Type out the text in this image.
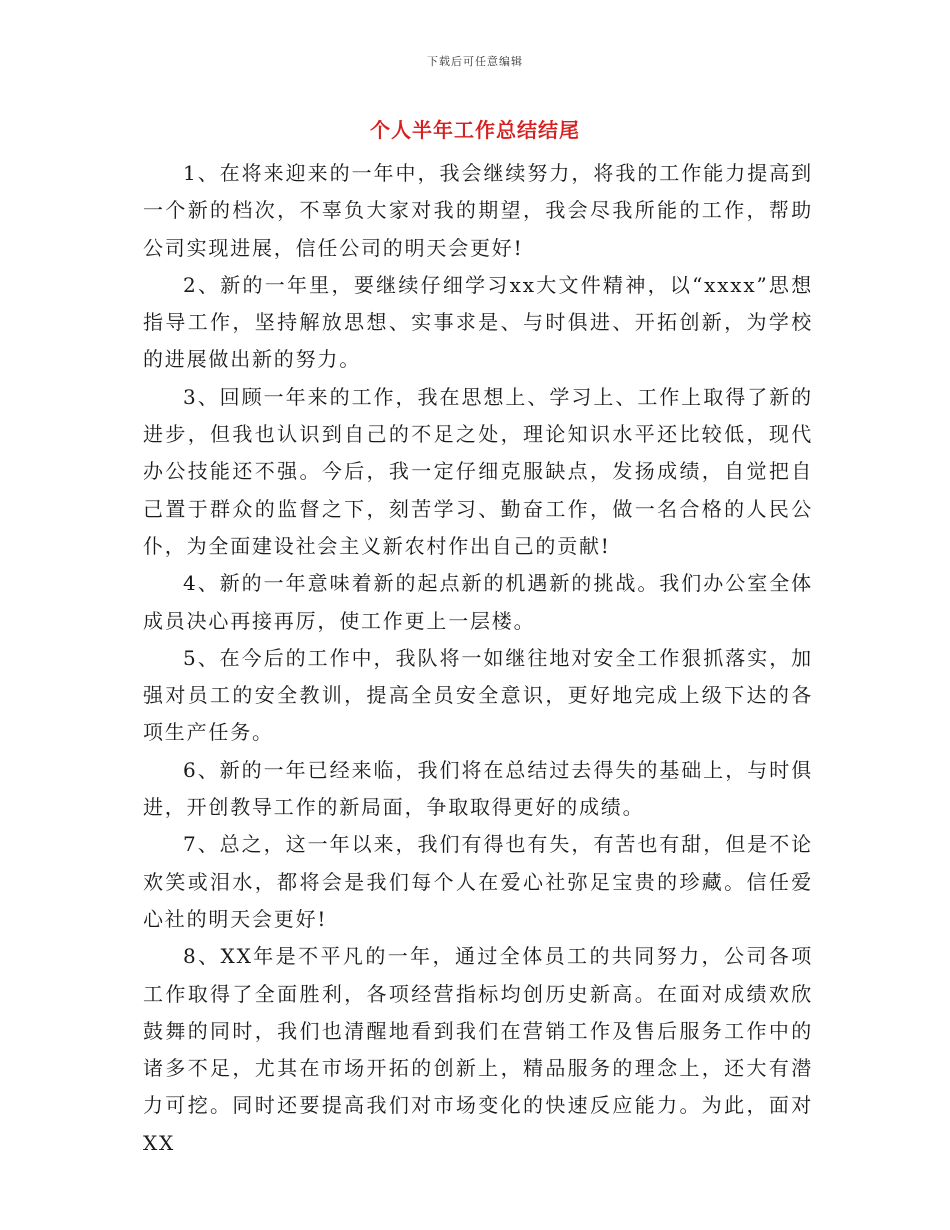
下载后可任意编辑
个人半年工作总结结尾

1、在将来迎来的一年中，我会继续努力，将我的工作能力提高到一个新的档次，不辜负大家对我的期望，我会尽我所能的工作，帮助公司实现进展，信任公司的明天会更好!

2、新的一年里，要继续仔细学习xx大文件精神，以“xxxx”思想指导工作，坚持解放思想、实事求是、与时俱进、开拓创新，为学校的进展做出新的努力。

3、回顾一年来的工作，我在思想上、学习上、工作上取得了新的进步，但我也认识到自己的不足之处，理论知识水平还比较低，现代办公技能还不强。今后，我一定仔细克服缺点，发扬成绩，自觉把自己置于群众的监督之下，刻苦学习、勤奋工作，做一名合格的人民公仆，为全面建设社会主义新农村作出自己的贡献!

4、新的一年意味着新的起点新的机遇新的挑战。我们办公室全体成员决心再接再厉，使工作更上一层楼。

5、在今后的工作中，我队将一如继往地对安全工作狠抓落实，加强对员工的安全教训，提高全员安全意识，更好地完成上级下达的各项生产任务。

6、新的一年已经来临，我们将在总结过去得失的基础上，与时俱进，开创教导工作的新局面，争取取得更好的成绩。

7、总之，这一年以来，我们有得也有失，有苦也有甜，但是不论欢笑或泪水，都将会是我们每个人在爱心社弥足宝贵的珍藏。信任爱心社的明天会更好!

8、XX年是不平凡的一年，通过全体员工的共同努力，公司各项工作取得了全面胜利，各项经营指标均创历史新高。在面对成绩欢欣鼓舞的同时，我们也清醒地看到我们在营销工作及售后服务工作中的诸多不足，尤其在市场开拓的创新上，精品服务的理念上，还大有潜力可挖。同时还要提高我们对市场变化的快速反应能力。为此，面对XX
